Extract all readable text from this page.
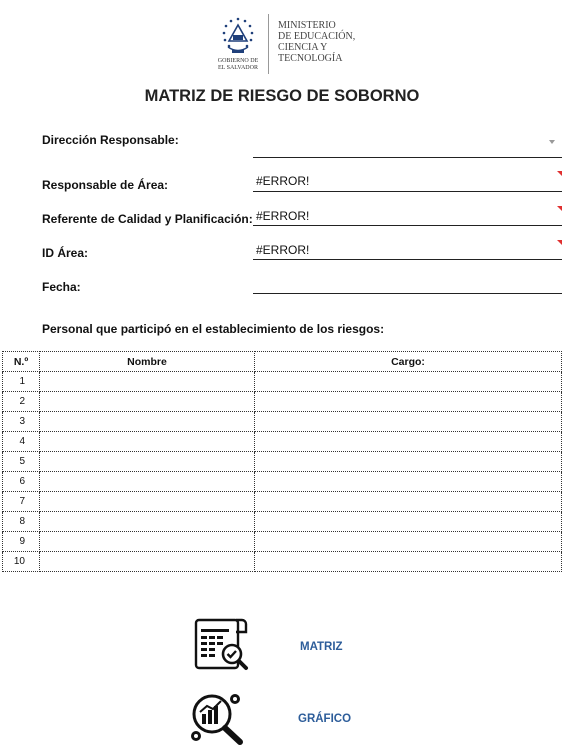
GOBIERNO DE
EL SALVADOR
MINISTERIO
DE EDUCACIÓN,
CIENCIA Y
TECNOLOGÍA
MATRIZ DE RIESGO DE SOBORNO
Dirección Responsable:
Responsable de Área:	#ERROR!
Referente de Calidad y Planificación: #ERROR!
ID Área:	#ERROR!
Fecha:
Personal que participó en el establecimiento de los riesgos:
N.º	Nombre	Cargo:
1		
2		
3		
4		
5		
6		
7		
8		
9		
10		
MATRIZ
GRÁFICO
